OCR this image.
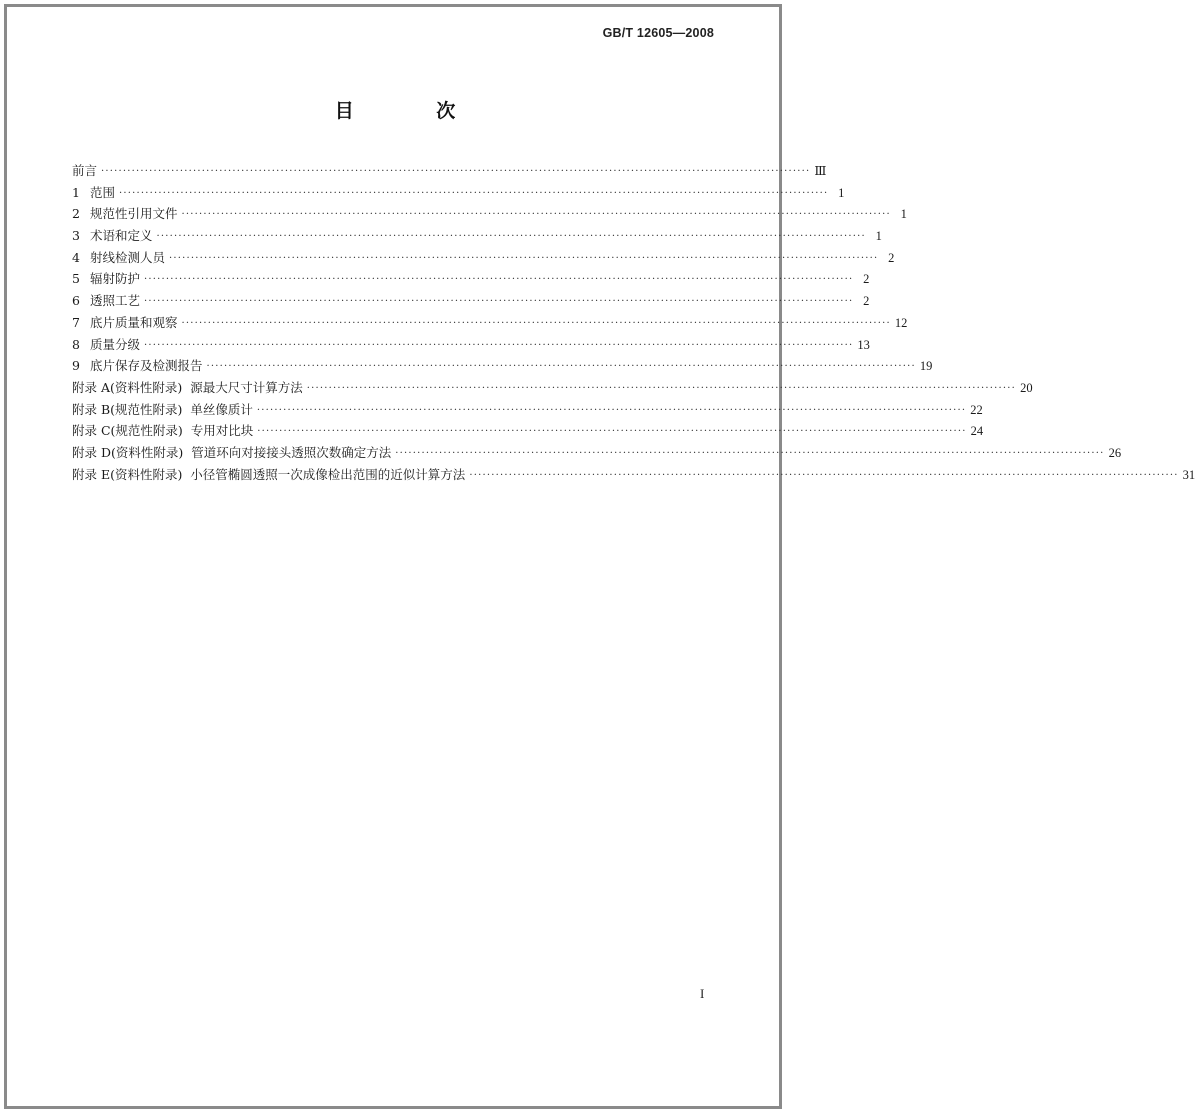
GB/T 12605—2008
目 次
前言 ·································································································································································· Ⅲ
1 范围 ·································································································································································· 1
2 规范性引用文件 ·································································································································································· 1
3 术语和定义 ·································································································································································· 1
4 射线检测人员 ·································································································································································· 2
5 辐射防护 ·································································································································································· 2
6 透照工艺 ·································································································································································· 2
7 底片质量和观察 ·································································································································································· 12
8 质量分级 ·································································································································································· 13
9 底片保存及检测报告 ·································································································································································· 19
附录 A(资料性附录)  源最大尺寸计算方法 ·································································································································································· 20
附录 B(规范性附录)  单丝像质计 ·································································································································································· 22
附录 C(规范性附录)  专用对比块 ·································································································································································· 24
附录 D(资料性附录)  管道环向对接接头透照次数确定方法 ·································································································································································· 26
附录 E(资料性附录)  小径管椭圆透照一次成像检出范围的近似计算方法 ·································································································································································· 31
I
